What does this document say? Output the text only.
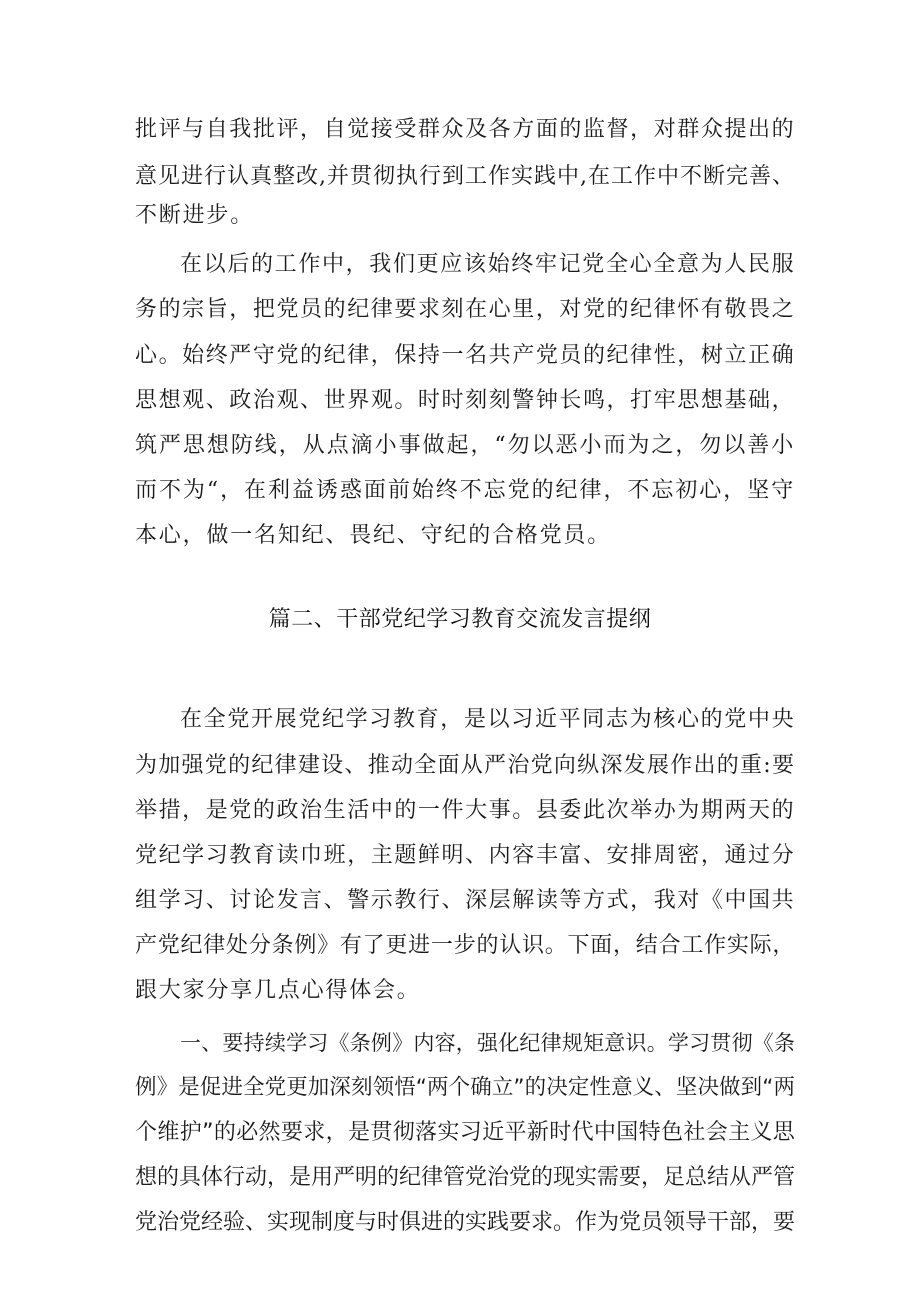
批评与自我批评，自觉接受群众及各方面的监督，对群众提出的
意见进行认真整改,并贯彻执行到工作实践中,在工作中不断完善、
不断进步。
在以后的工作中，我们更应该始终牢记党全心全意为人民服
务的宗旨，把党员的纪律要求刻在心里，对党的纪律怀有敬畏之
心。始终严守党的纪律，保持一名共产党员的纪律性，树立正确
思想观、政治观、世界观。时时刻刻警钟长鸣，打牢思想基础，
筑严思想防线，从点滴小事做起，“勿以恶小而为之，勿以善小
而不为“，在利益诱惑面前始终不忘党的纪律，不忘初心，坚守
本心，做一名知纪、畏纪、守纪的合格党员。
篇二、干部党纪学习教育交流发言提纲
在全党开展党纪学习教育，是以习近平同志为核心的党中央
为加强党的纪律建设、推动全面从严治党向纵深发展作出的重:要
举措，是党的政治生活中的一件大事。县委此次举办为期两天的
党纪学习教育读巾班，主题鲜明、内容丰富、安排周密，通过分
组学习、讨论发言、警示教行、深层解读等方式，我对《中国共
产党纪律处分条例》有了更进一步的认识。下面，结合工作实际，
跟大家分享几点心得体会。
一、要持续学习《条例》内容，强化纪律规矩意识。学习贯彻《条
例》是促进全党更加深刻领悟“两个确立”的决定性意义、坚决做到“两
个维护”的必然要求，是贯彻落实习近平新时代中国特色社会主义思
想的具体行动，是用严明的纪律管党治党的现实需要，足总结从严管
党治党经验、实现制度与时俱进的实践要求。作为党员领导干部，要
